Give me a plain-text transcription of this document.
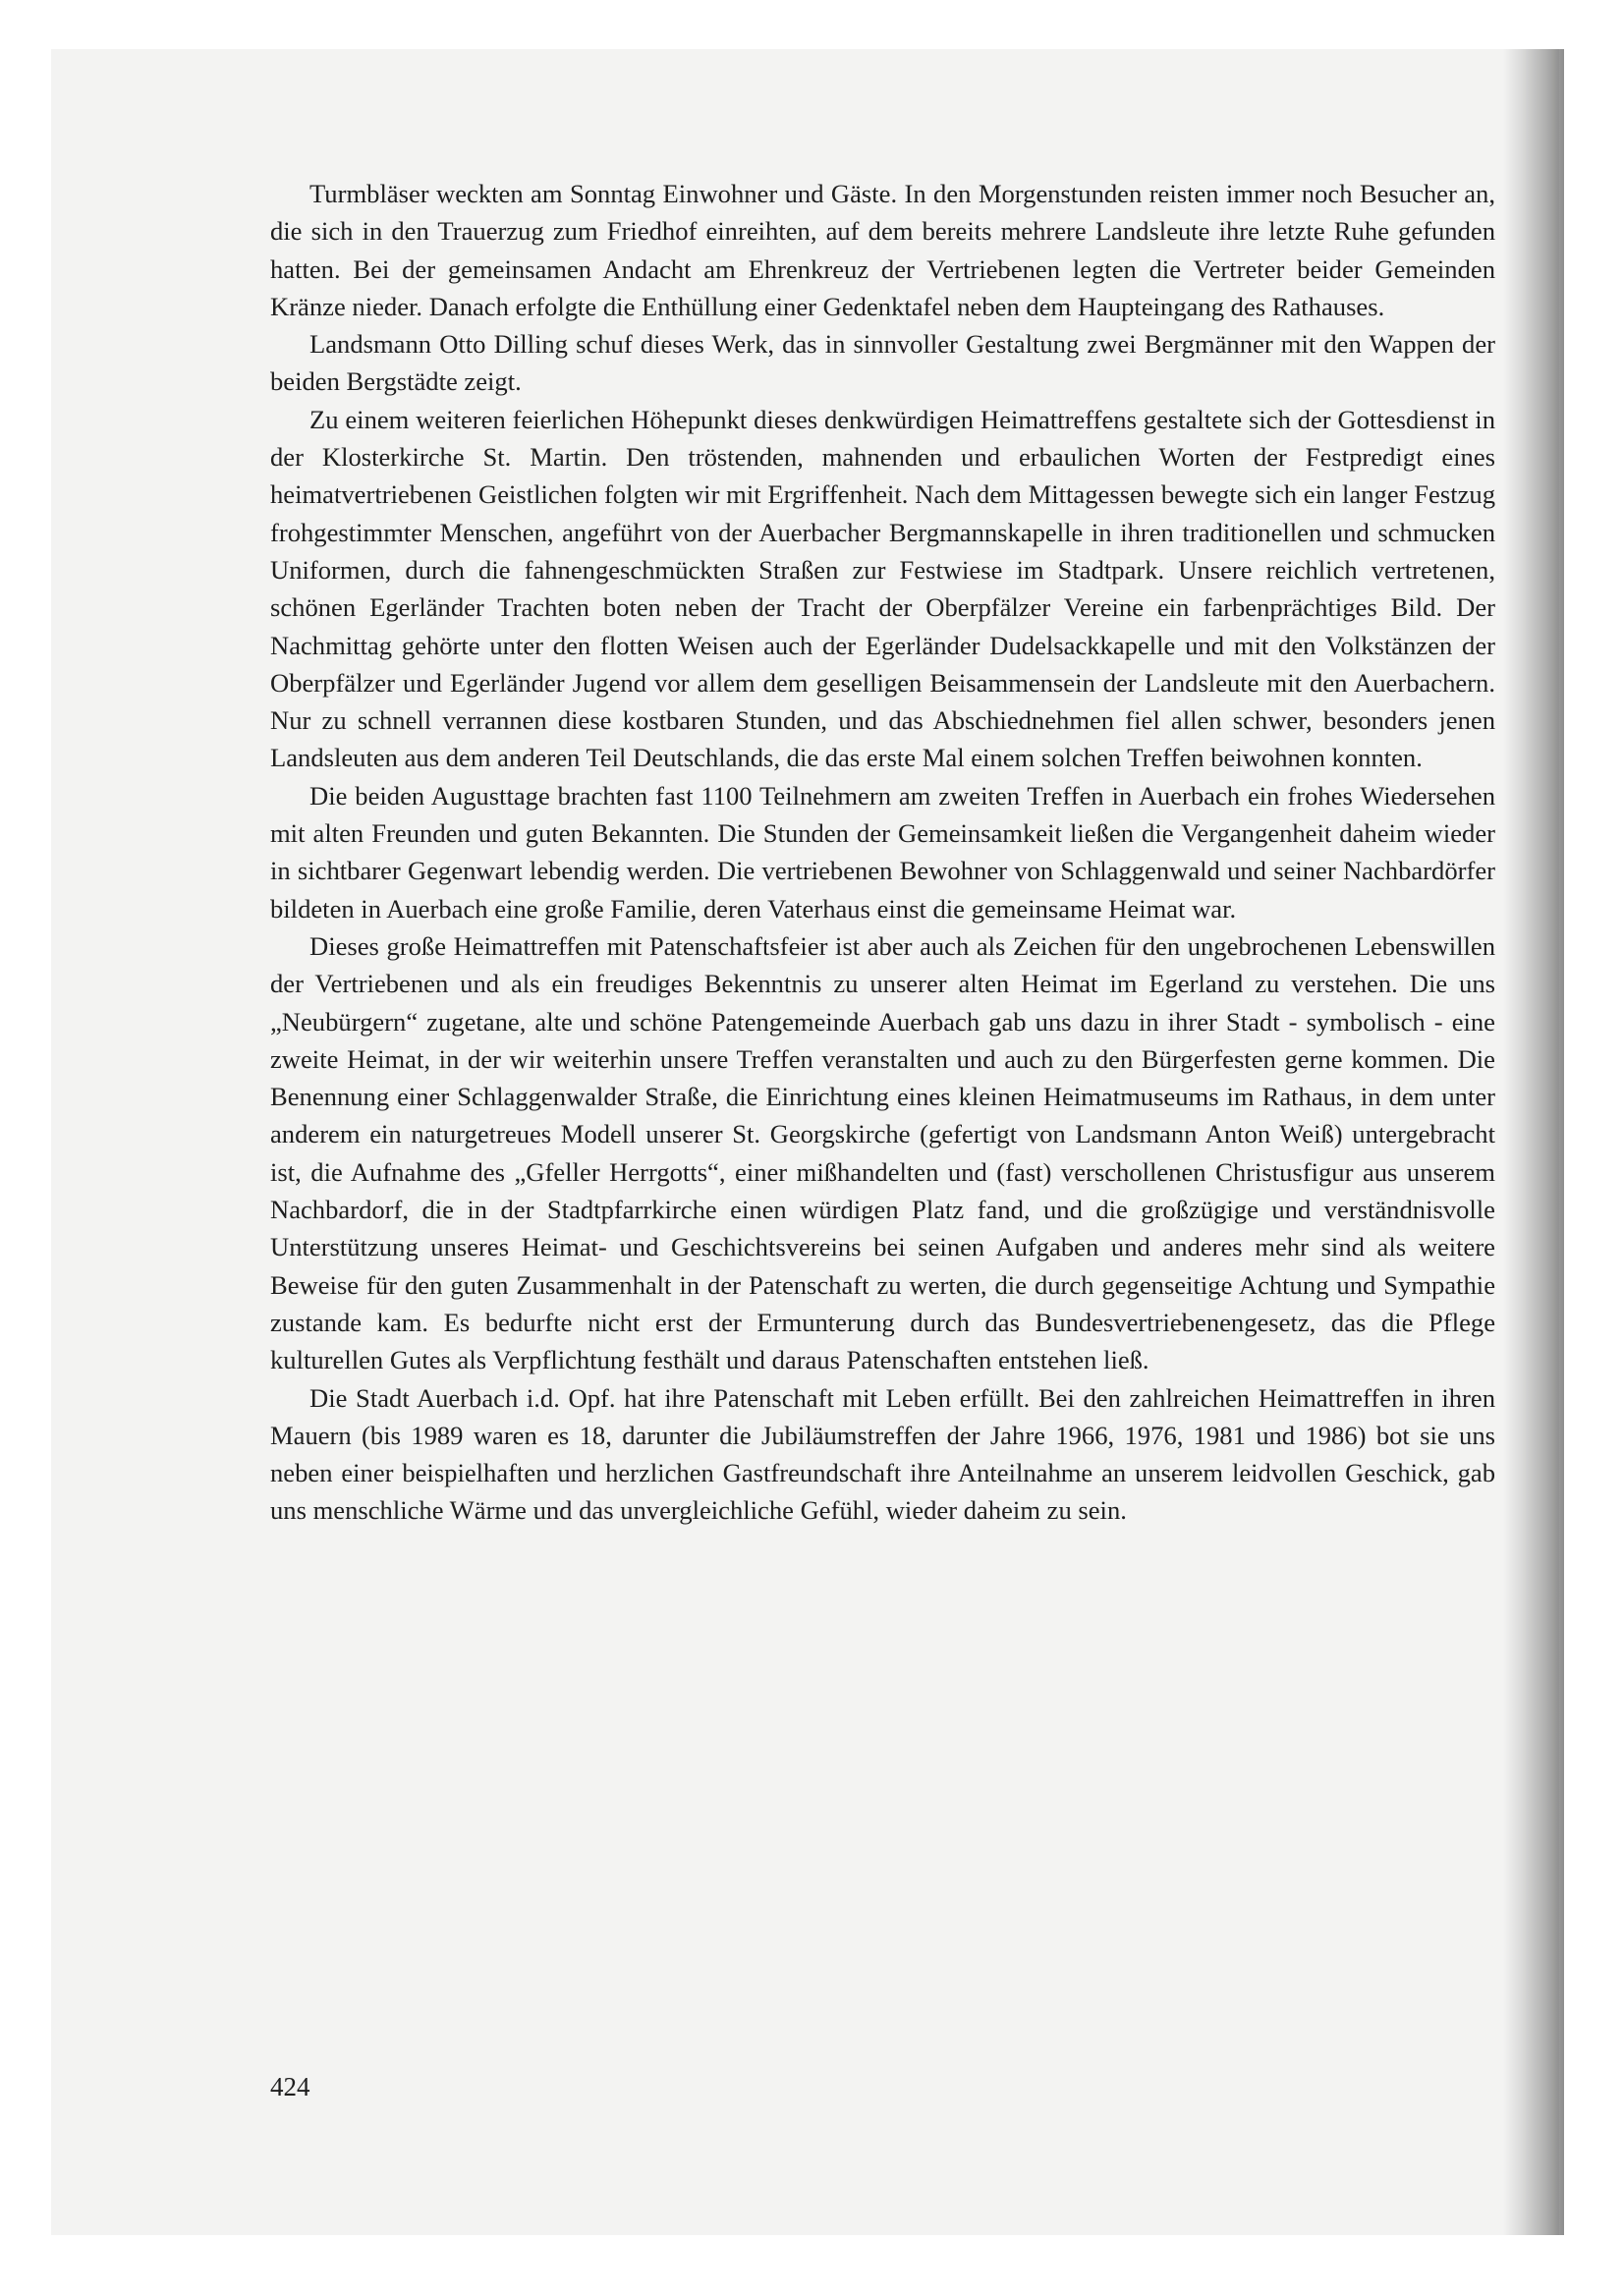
Turmbläser weckten am Sonntag Einwohner und Gäste. In den Morgenstunden reisten immer noch Besucher an, die sich in den Trauerzug zum Friedhof einreihten, auf dem bereits mehrere Landsleute ihre letzte Ruhe gefunden hatten. Bei der gemeinsamen Andacht am Ehrenkreuz der Vertriebenen legten die Vertreter beider Gemeinden Kränze nieder. Danach erfolgte die Enthüllung einer Gedenktafel neben dem Haupteingang des Rathauses.

Landsmann Otto Dilling schuf dieses Werk, das in sinnvoller Gestaltung zwei Bergmänner mit den Wappen der beiden Bergstädte zeigt.

Zu einem weiteren feierlichen Höhepunkt dieses denkwürdigen Heimattreffens gestaltete sich der Gottesdienst in der Klosterkirche St. Martin. Den tröstenden, mahnenden und erbaulichen Worten der Festpredigt eines heimatvertriebenen Geistlichen folgten wir mit Ergriffenheit. Nach dem Mittagessen bewegte sich ein langer Festzug frohgestimmter Menschen, angeführt von der Auerbacher Bergmannskapelle in ihren traditionellen und schmucken Uniformen, durch die fahnengeschmückten Straßen zur Festwiese im Stadtpark. Unsere reichlich vertretenen, schönen Egerländer Trachten boten neben der Tracht der Oberpfälzer Vereine ein farbenprächtiges Bild. Der Nachmittag gehörte unter den flotten Weisen auch der Egerländer Dudelsackkapelle und mit den Volkstänzen der Oberpfälzer und Egerländer Jugend vor allem dem geselligen Beisammensein der Landsleute mit den Auerbachern. Nur zu schnell verrannen diese kostbaren Stunden, und das Abschiednehmen fiel allen schwer, besonders jenen Landsleuten aus dem anderen Teil Deutschlands, die das erste Mal einem solchen Treffen beiwohnen konnten.

Die beiden Augusttage brachten fast 1100 Teilnehmern am zweiten Treffen in Auerbach ein frohes Wiedersehen mit alten Freunden und guten Bekannten. Die Stunden der Gemeinsamkeit ließen die Vergangenheit daheim wieder in sichtbarer Gegenwart lebendig werden. Die vertriebenen Bewohner von Schlaggenwald und seiner Nachbardörfer bildeten in Auerbach eine große Familie, deren Vaterhaus einst die gemeinsame Heimat war.

Dieses große Heimattreffen mit Patenschaftsfeier ist aber auch als Zeichen für den ungebrochenen Lebenswillen der Vertriebenen und als ein freudiges Bekenntnis zu unserer alten Heimat im Egerland zu verstehen. Die uns „Neubürgern“ zugetane, alte und schöne Patengemeinde Auerbach gab uns dazu in ihrer Stadt - symbolisch - eine zweite Heimat, in der wir weiterhin unsere Treffen veranstalten und auch zu den Bürgerfesten gerne kommen. Die Benennung einer Schlaggenwalder Straße, die Einrichtung eines kleinen Heimatmuseums im Rathaus, in dem unter anderem ein naturgetreues Modell unserer St. Georgskirche (gefertigt von Landsmann Anton Weiß) untergebracht ist, die Aufnahme des „Gfeller Herrgotts“, einer mißhandelten und (fast) verschollenen Christusfigur aus unserem Nachbardorf, die in der Stadtpfarrkirche einen würdigen Platz fand, und die großzügige und verständnisvolle Unterstützung unseres Heimat- und Geschichtsvereins bei seinen Aufgaben und anderes mehr sind als weitere Beweise für den guten Zusammenhalt in der Patenschaft zu werten, die durch gegenseitige Achtung und Sympathie zustande kam. Es bedurfte nicht erst der Ermunterung durch das Bundesvertriebenengesetz, das die Pflege kulturellen Gutes als Verpflichtung festhält und daraus Patenschaften entstehen ließ.

Die Stadt Auerbach i.d. Opf. hat ihre Patenschaft mit Leben erfüllt. Bei den zahlreichen Heimattreffen in ihren Mauern (bis 1989 waren es 18, darunter die Jubiläumstreffen der Jahre 1966, 1976, 1981 und 1986) bot sie uns neben einer beispielhaften und herzlichen Gastfreundschaft ihre Anteilnahme an unserem leidvollen Geschick, gab uns menschliche Wärme und das unvergleichliche Gefühl, wieder daheim zu sein.

424
